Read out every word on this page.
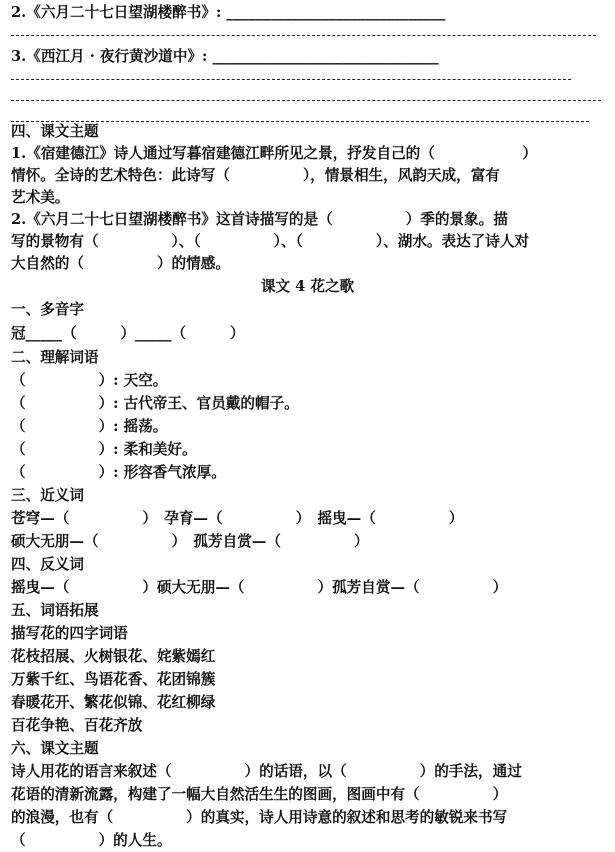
2.《六月二十七日望湖楼醉书》: ______________________________
3.《西江月 · 夜行黄沙道中》: _______________________________
四、课文主题
1.《宿建德江》诗人通过写暮宿建德江畔所见之景，抒发自己的（　　　　　　）
情怀。全诗的艺术特色：此诗写（　　　　　），情景相生，风韵天成，富有
艺术美。
2.《六月二十七日望湖楼醉书》这首诗描写的是（　　　　　）季的景象。描
写的景物有（　　　　　）、（　　　　　）、（　　　　　）、湖水。表达了诗人对
大自然的（　　　　　）的情感。
课文 4 花之歌
一、多音字
冠_____（　　　）_____（　　　）
二、理解词语
（　　　　　）: 天空。
（　　　　　）: 古代帝王、官员戴的帽子。
（　　　　　）: 摇荡。
（　　　　　）: 柔和美好。
（　　　　　）: 形容香气浓厚。
三、近义词
苍穹—（　　　　　）　孕育—（　　　　　）　摇曳—（　　　　　）
硕大无朋—（　　　　　）　孤芳自赏—（　　　　　）
四、反义词
摇曳—（　　　　　）硕大无朋—（　　　　　）孤芳自赏—（　　　　　）
五、词语拓展
描写花的四字词语
花枝招展、火树银花、姹紫嫣红
万紫千红、鸟语花香、花团锦簇
春暖花开、繁花似锦、花红柳绿
百花争艳、百花齐放
六、课文主题
诗人用花的语言来叙述（　　　　　）的话语，以（　　　　　）的手法，通过
花语的清新流露，构建了一幅大自然活生生的图画，图画中有（　　　　　）
的浪漫，也有（　　　　　）的真实，诗人用诗意的叙述和思考的敏锐来书写
（　　　　　）的人生。
